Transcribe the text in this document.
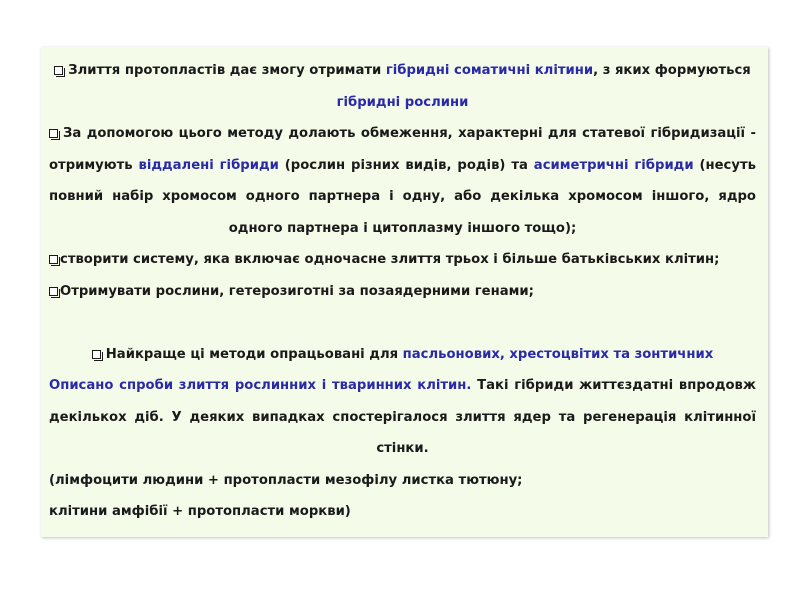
Злиття протопластів дає змогу отримати гібридні соматичні клітини, з яких формуються гібридні рослини

За допомогою цього методу долають обмеження, характерні для статевої гібридизації - отримують віддалені гібриди (рослин різних видів, родів) та асиметричні гібриди (несуть повний набір хромосом одного партнера і одну, або декілька хромосом іншого, ядро одного партнера і цитоплазму іншого тощо);

створити систему, яка включає одночасне злиття трьох і більше батьківських клітин;

Отримувати рослини, гетерозиготні за позаядерними генами;

Найкраще ці методи опрацьовані для пасльонових, хрестоцвітих та зонтичних

Описано спроби злиття рослинних і тваринних клітин. Такі гібриди життєздатні впродовж декількох діб. У деяких випадках спостерігалося злиття ядер та регенерація клітинної стінки.

(лімфоцити людини + протопласти мезофілу листка тютюну;

клітини амфібії + протопласти моркви)
